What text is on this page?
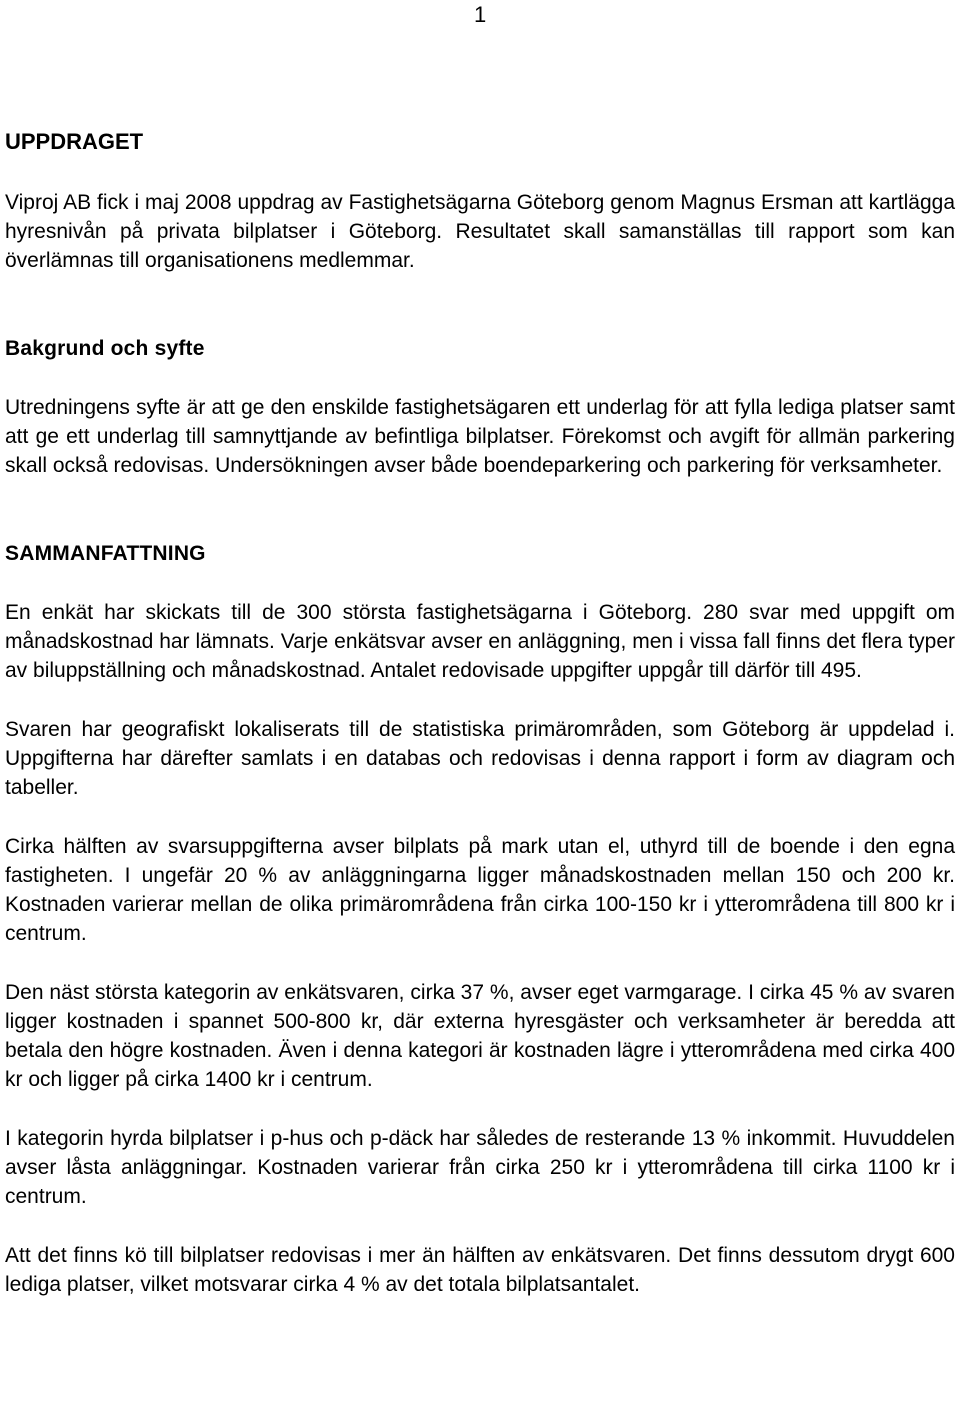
1
UPPDRAGET

Viproj AB fick i maj 2008 uppdrag av Fastighetsägarna Göteborg genom Magnus Ersman att kartlägga hyresnivån på privata bilplatser i Göteborg. Resultatet skall samanställas till rapport som kan överlämnas till organisationens medlemmar.

Bakgrund och syfte

Utredningens syfte är att ge den enskilde fastighetsägaren ett underlag för att fylla lediga platser samt att ge ett underlag till samnyttjande av befintliga bilplatser. Förekomst och avgift för allmän parkering skall också redovisas. Undersökningen avser både boendeparkering och parkering för verksamheter.

SAMMANFATTNING

En enkät har skickats till de 300 största fastighetsägarna i Göteborg. 280 svar med uppgift om månadskostnad har lämnats. Varje enkätsvar avser en anläggning, men i vissa fall finns det flera typer av biluppställning och månadskostnad. Antalet redovisade uppgifter uppgår till därför till 495.

Svaren har geografiskt lokaliserats till de statistiska primärområden, som Göteborg är uppdelad i. Uppgifterna har därefter samlats i en databas och redovisas i denna rapport i form av diagram och tabeller.

Cirka hälften av svarsuppgifterna avser bilplats på mark utan el, uthyrd till de boende i den egna fastigheten. I ungefär 20 % av anläggningarna ligger månadskostnaden mellan 150 och 200 kr. Kostnaden varierar mellan de olika primärområdena från cirka 100-150 kr i ytterområdena till 800 kr i centrum.

Den näst största kategorin av enkätsvaren, cirka 37 %, avser eget varmgarage. I cirka 45 % av svaren ligger kostnaden i spannet 500-800 kr, där externa hyresgäster och verksamheter är beredda att betala den högre kostnaden. Även i denna kategori är kostnaden lägre i ytterområdena med cirka 400 kr och ligger på cirka 1400 kr i centrum.

I kategorin hyrda bilplatser i p-hus och p-däck har således de resterande 13 % inkommit. Huvuddelen avser låsta anläggningar. Kostnaden varierar från cirka 250 kr i ytterområdena till cirka 1100 kr i centrum.

Att det finns kö till bilplatser redovisas i mer än hälften av enkätsvaren. Det finns dessutom drygt 600 lediga platser, vilket motsvarar cirka 4 % av det totala bilplatsantalet.
